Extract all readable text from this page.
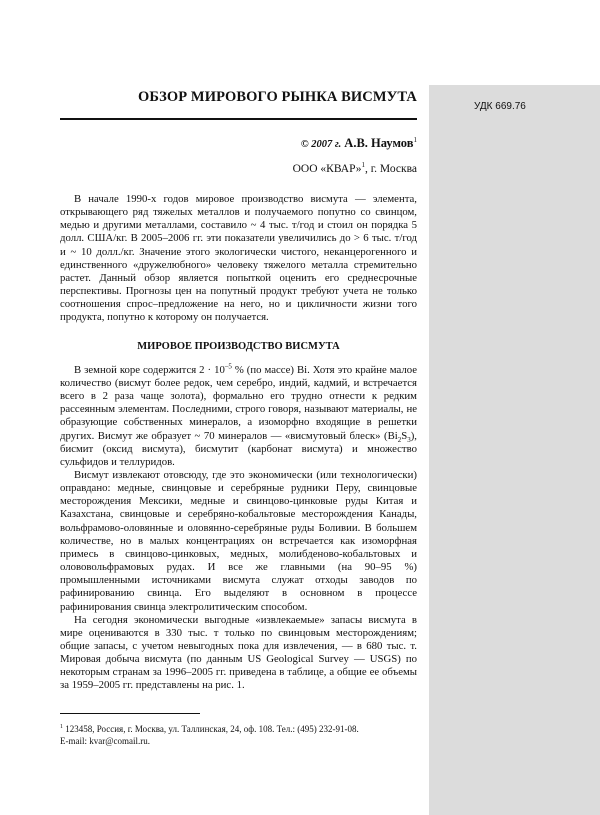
УДК 669.76
ОБЗОР МИРОВОГО РЫНКА ВИСМУТА
© 2007 г. А.В. Наумов$^1$
ООО «КВАР»$^1$, г. Москва

В начале 1990-х годов мировое производство висмута — элемента, открывающего ряд тяжелых металлов и получаемого попутно со свинцом, медью и другими металлами, составило ~ 4 тыс. т/год и стоил он порядка 5 долл. США/кг. В 2005–2006 гг. эти показатели увеличились до > 6 тыс. т/год и ~ 10 долл./кг. Значение этого экологически чистого, неканцерогенного и единственного «дружелюбного» человеку тяжелого металла стремительно растет. Данный обзор является попыткой оценить его среднесрочные перспективы. Прогнозы цен на попутный продукт требуют учета не только соотношения спрос–предложение на него, но и цикличности жизни того продукта, попутно к которому он получается.

МИРОВОЕ ПРОИЗВОДСТВО ВИСМУТА

В земной коре содержится $2 \cdot 10^{-5}$ % (по массе) Bi. Хотя это крайне малое количество (висмут более редок, чем серебро, индий, кадмий, и встречается всего в 2 раза чаще золота), формально его трудно отнести к редким рассеянным элементам. Последними, строго говоря, называют материалы, не образующие собственных минералов, а изоморфно входящие в решетки других. Висмут же образует ~ 70 минералов — «висмутовый блеск» $(Bi_2S_3)$, бисмит (оксид висмута), бисмутит (карбонат висмута) и множество сульфидов и теллуридов.

Висмут извлекают отовсюду, где это экономически (или технологически) оправдано: медные, свинцовые и серебряные рудники Перу, свинцовые месторождения Мексики, медные и свинцово-цинковые руды Китая и Казахстана, свинцовые и серебряно-кобальтовые месторождения Канады, вольфрамово-оловянные и оловянно-серебряные руды Боливии. В большем количестве, но в малых концентрациях он встречается как изоморфная примесь в свинцово-цинковых, медных, молибденово-кобальтовых и олововольфрамовых рудах. И все же главными (на 90–95 %) промышленными источниками висмута служат отходы заводов по рафинированию свинца. Его выделяют в основном в процессе рафинирования свинца электролитическим способом.

На сегодня экономически выгодные «извлекаемые» запасы висмута в мире оцениваются в 330 тыс. т только по свинцовым месторождениям; общие запасы, с учетом невыгодных пока для извлечения, — в 680 тыс. т. Мировая добыча висмута (по данным US Geological Survey — USGS) по некоторым странам за 1996–2005 гг. приведена в таблице, а общие ее объемы за 1959–2005 гг. представлены на рис. 1.

$^1$ 123458, Россия, г. Москва, ул. Таллинская, 24, оф. 108. Тел.: (495) 232-91-08.
E-mail: kvar@comail.ru.
